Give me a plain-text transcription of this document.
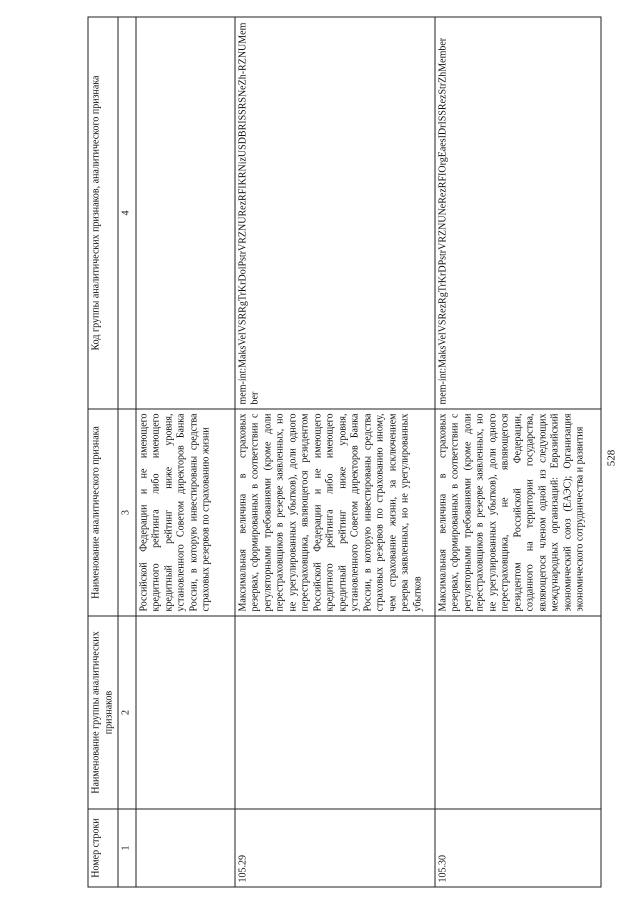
Номер строки	Наименование группы аналитических признаков	Наименование аналитического признака	Код группы аналитических признаков, аналитического признака
1	2	3	4
		Российской Федерации и не имеющего кредитного рейтинга либо имеющего кредитный рейтинг ниже уровня, установленного Советом директоров Банка России, в которую инвестированы средства страховых резервов по страхованию жизни	
105.29		Максимальная величина в страховых резервах, сформированных в соответствии с регуляторными требованиями (кроме доли перестраховщиков в резерве заявленных, но не урегулированных убытков), доли одного перестраховщика, являющегося резидентом Российской Федерации и не имеющего кредитного рейтинга либо имеющего кредитный рейтинг ниже уровня, установленного Советом директоров Банка России, в которую инвестированы средства страховых резервов по страхованию иному, чем страхование жизни, за исключением резерва заявленных, но не урегулированных убытков	mem-int:MaksVelVSRRgTrKrDolPstrVRZNURezRFIKRNizUSDBRISSRSNeZh-RZNUMember
105.30		Максимальная величина в страховых резервах, сформированных в соответствии с регуляторными требованиями (кроме доли перестраховщиков в резерве заявленных, но не урегулированных убытков), доли одного перестраховщика, не являющегося резидентом Российской Федерации, созданного на территории государства, являющегося членом одной из следующих международных организаций: Евразийский экономический союз (ЕАЭС); Организация экономического сотрудничества и развития	mem-int:MaksVelVSRezRgTrKrDPstrVRZNUNeRezRFIOrgEaesIDrISSRezStrZhMember
528
